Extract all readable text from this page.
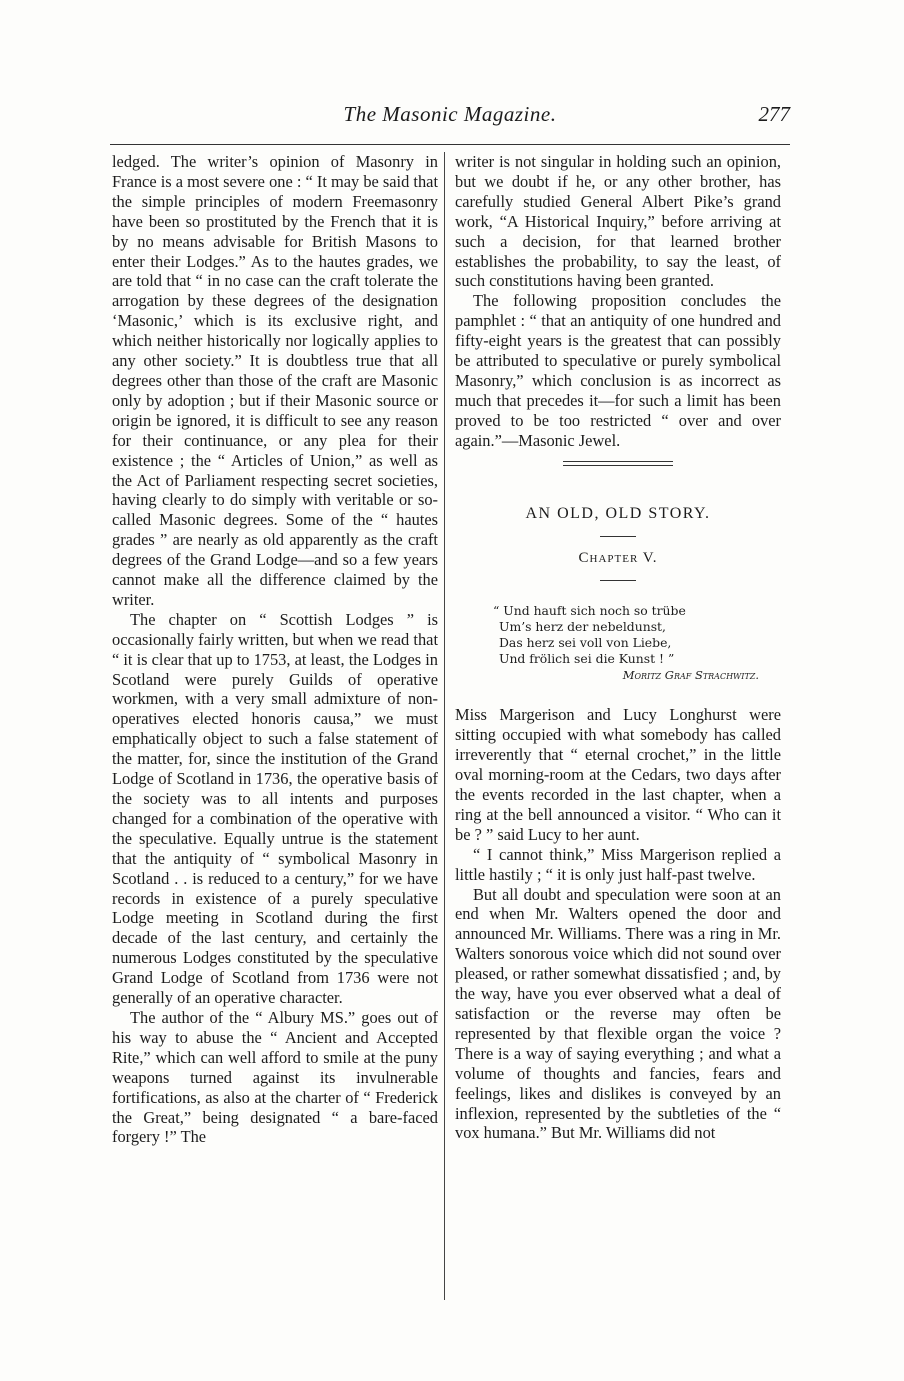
The Masonic Magazine.	277

ledged. The writer’s opinion of Masonry in France is a most severe one : “ It may be said that the simple principles of modern Freemasonry have been so prostituted by the French that it is by no means advisable for British Masons to enter their Lodges.” As to the hautes grades, we are told that “ in no case can the craft tolerate the arrogation by these degrees of the designation ‘Masonic,’ which is its exclusive right, and which neither historically nor logically applies to any other society.” It is doubtless true that all degrees other than those of the craft are Masonic only by adoption ; but if their Masonic source or origin be ignored, it is difficult to see any reason for their continuance, or any plea for their existence ; the “ Articles of Union,” as well as the Act of Parliament respecting secret societies, having clearly to do simply with veritable or so-called Masonic degrees. Some of the “ hautes grades ” are nearly as old apparently as the craft degrees of the Grand Lodge—and so a few years cannot make all the difference claimed by the writer.

The chapter on “ Scottish Lodges ” is occasionally fairly written, but when we read that “ it is clear that up to 1753, at least, the Lodges in Scotland were purely Guilds of operative workmen, with a very small admixture of non-operatives elected honoris causa,” we must emphatically object to such a false statement of the matter, for, since the institution of the Grand Lodge of Scotland in 1736, the operative basis of the society was to all intents and purposes changed for a combination of the operative with the speculative. Equally untrue is the statement that the antiquity of “ symbolical Masonry in Scotland . . is reduced to a century,” for we have records in existence of a purely speculative Lodge meeting in Scotland during the first decade of the last century, and certainly the numerous Lodges constituted by the speculative Grand Lodge of Scotland from 1736 were not generally of an operative character.

The author of the “ Albury MS.” goes out of his way to abuse the “ Ancient and Accepted Rite,” which can well afford to smile at the puny weapons turned against its invulnerable fortifications, as also at the charter of “ Frederick the Great,” being designated “ a bare-faced forgery !” The

writer is not singular in holding such an opinion, but we doubt if he, or any other brother, has carefully studied General Albert Pike’s grand work, “A Historical Inquiry,” before arriving at such a decision, for that learned brother establishes the probability, to say the least, of such constitutions having been granted.

The following proposition concludes the pamphlet : “ that an antiquity of one hundred and fifty-eight years is the greatest that can possibly be attributed to speculative or purely symbolical Masonry,” which conclusion is as incorrect as much that precedes it—for such a limit has been proved to be too restricted “ over and over again.”—Masonic Jewel.

AN OLD, OLD STORY.
Chapter V.
“ Und hauft sich noch so trübe
Um’s herz der nebeldunst,
Das herz sei voll von Liebe,
Und frölich sei die Kunst ! ”
Moritz Graf Strachwitz.

Miss Margerison and Lucy Longhurst were sitting occupied with what somebody has called irreverently that “ eternal crochet,” in the little oval morning-room at the Cedars, two days after the events recorded in the last chapter, when a ring at the bell announced a visitor. “ Who can it be ? ” said Lucy to her aunt.

“ I cannot think,” Miss Margerison replied a little hastily ; “ it is only just half-past twelve.

But all doubt and speculation were soon at an end when Mr. Walters opened the door and announced Mr. Williams. There was a ring in Mr. Walters sonorous voice which did not sound over pleased, or rather somewhat dissatisfied ; and, by the way, have you ever observed what a deal of satisfaction or the reverse may often be represented by that flexible organ the voice ? There is a way of saying everything ; and what a volume of thoughts and fancies, fears and feelings, likes and dislikes is conveyed by an inflexion, represented by the subtleties of the “ vox humana.” But Mr. Williams did not
